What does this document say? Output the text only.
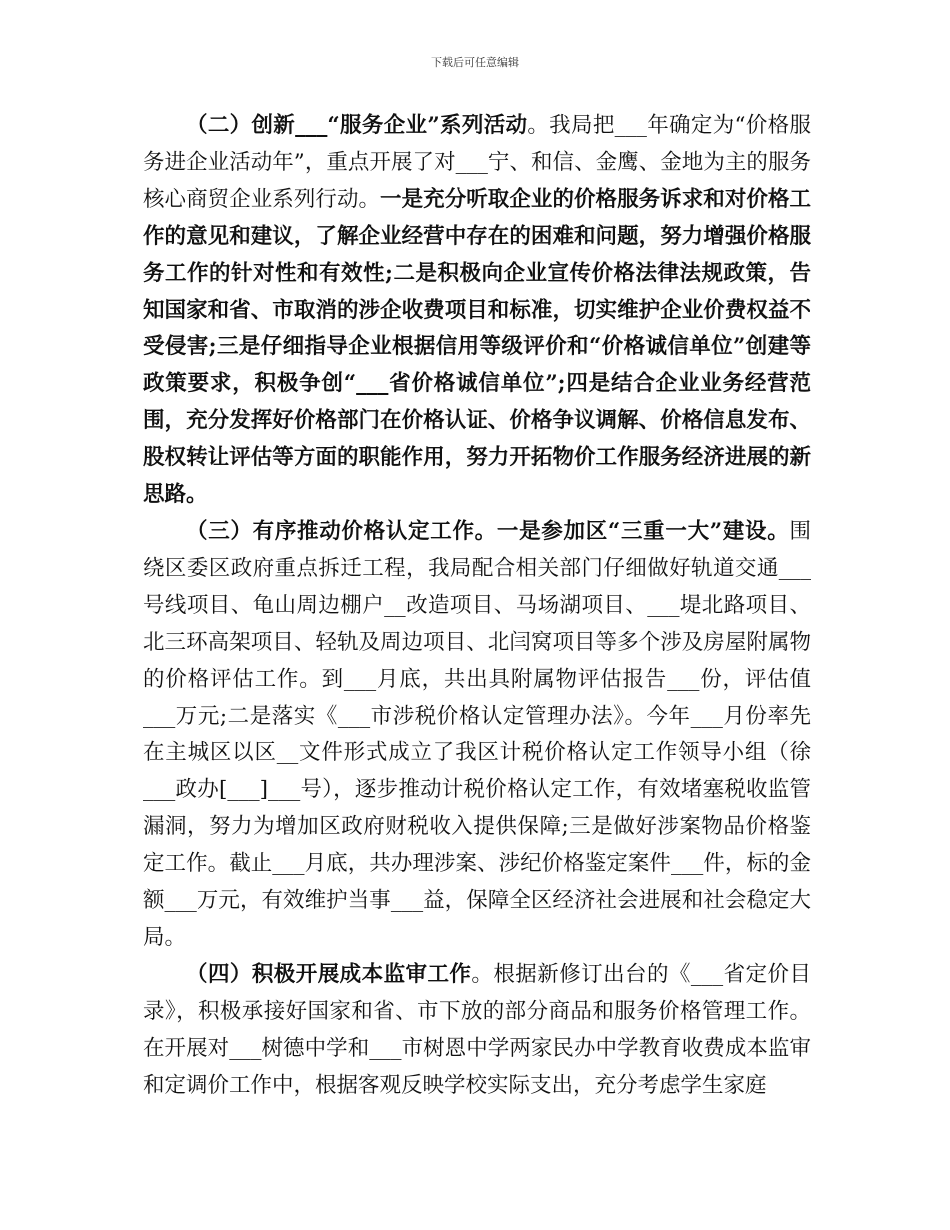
下载后可任意编辑

（二）创新___“服务企业”系列活动。我局把___年确定为“价格服务进企业活动年”，重点开展了对___宁、和信、金鹰、金地为主的服务核心商贸企业系列行动。一是充分听取企业的价格服务诉求和对价格工作的意见和建议，了解企业经营中存在的困难和问题，努力增强价格服务工作的针对性和有效性;二是积极向企业宣传价格法律法规政策，告知国家和省、市取消的涉企收费项目和标准，切实维护企业价费权益不受侵害;三是仔细指导企业根据信用等级评价和“价格诚信单位”创建等政策要求，积极争创“___省价格诚信单位”;四是结合企业业务经营范围，充分发挥好价格部门在价格认证、价格争议调解、价格信息发布、股权转让评估等方面的职能作用，努力开拓物价工作服务经济进展的新思路。

（三）有序推动价格认定工作。一是参加区“三重一大”建设。围绕区委区政府重点拆迁工程，我局配合相关部门仔细做好轨道交通___号线项目、龟山周边棚户__改造项目、马场湖项目、___堤北路项目、北三环高架项目、轻轨及周边项目、北闫窝项目等多个涉及房屋附属物的价格评估工作。到___月底，共出具附属物评估报告___份，评估值___万元;二是落实《___市涉税价格认定管理办法》。今年___月份率先在主城区以区__文件形式成立了我区计税价格认定工作领导小组（徐___政办[___]___号），逐步推动计税价格认定工作，有效堵塞税收监管漏洞，努力为增加区政府财税收入提供保障;三是做好涉案物品价格鉴定工作。截止___月底，共办理涉案、涉纪价格鉴定案件___件，标的金额___万元，有效维护当事___益，保障全区经济社会进展和社会稳定大局。

（四）积极开展成本监审工作。根据新修订出台的《___省定价目录》，积极承接好国家和省、市下放的部分商品和服务价格管理工作。在开展对___树德中学和___市树恩中学两家民办中学教育收费成本监审和定调价工作中，根据客观反映学校实际支出，充分考虑学生家庭
